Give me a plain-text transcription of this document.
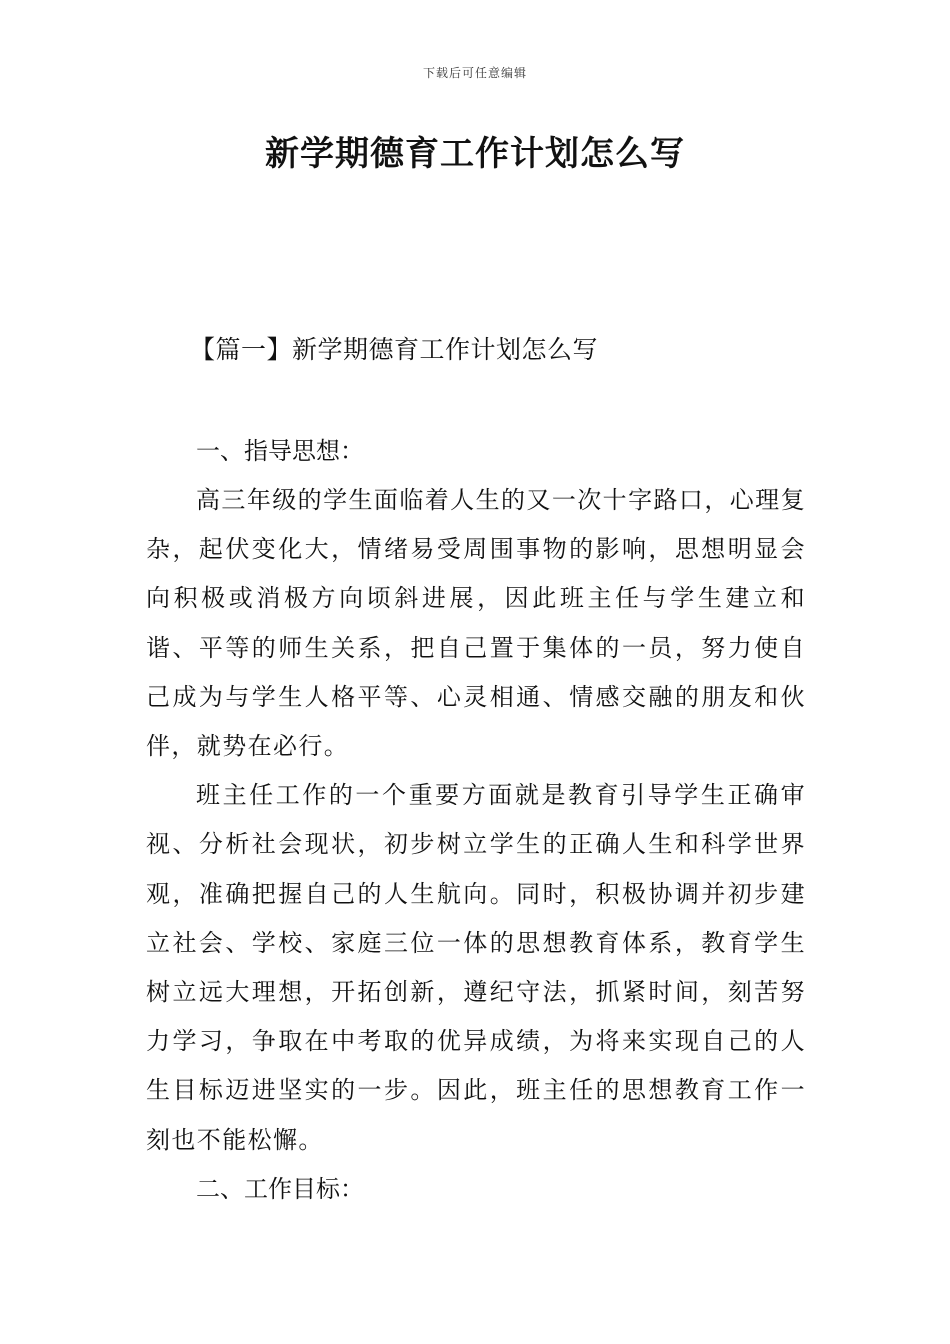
下载后可任意编辑
新学期德育工作计划怎么写
【篇一】新学期德育工作计划怎么写
一、指导思想：

高三年级的学生面临着人生的又一次十字路口，心理复杂，起伏变化大，情绪易受周围事物的影响，思想明显会向积极或消极方向顷斜进展，因此班主任与学生建立和谐、平等的师生关系，把自己置于集体的一员，努力使自己成为与学生人格平等、心灵相通、情感交融的朋友和伙伴，就势在必行。

班主任工作的一个重要方面就是教育引导学生正确审视、分析社会现状，初步树立学生的正确人生和科学世界观，准确把握自己的人生航向。同时，积极协调并初步建立社会、学校、家庭三位一体的思想教育体系，教育学生树立远大理想，开拓创新，遵纪守法，抓紧时间，刻苦努力学习，争取在中考取的优异成绩，为将来实现自己的人生目标迈进坚实的一步。因此，班主任的思想教育工作一刻也不能松懈。

二、工作目标：
